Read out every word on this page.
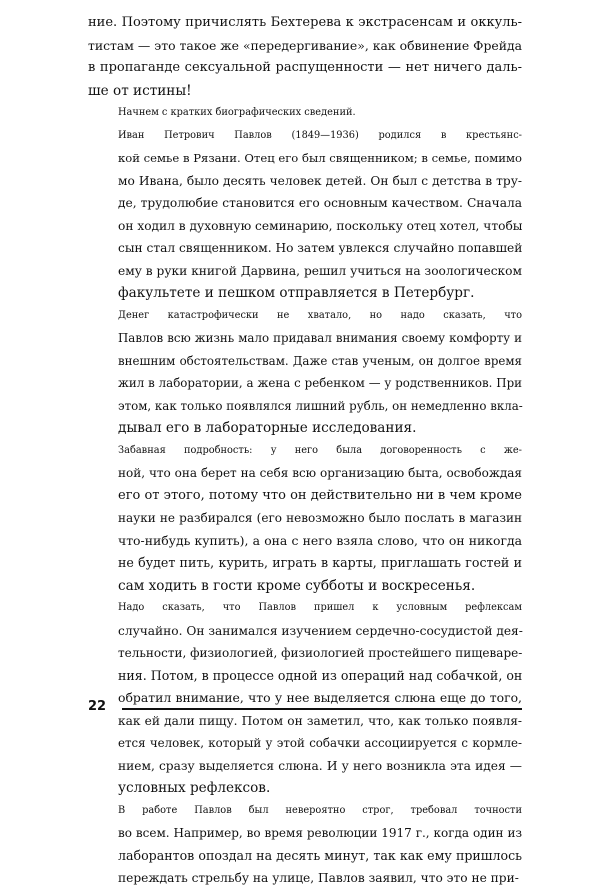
ние. Поэтому причислять Бехтерева к экстрасенсам и оккуль-
тистам — это такое же «передергивание», как обвинение Фрейда
в пропаганде сексуальной распущенности — нет ничего даль-
ше от истины!

Начнем с кратких биографических сведений.

Иван Петрович Павлов (1849—1936) родился в крестьянс-
кой семье в Рязани. Отец его был священником; в семье, помимо
мо Ивана, было десять человек детей. Он был с детства в тру-
де, трудолюбие становится его основным качеством. Сначала
он ходил в духовную семинарию, поскольку отец хотел, чтобы
сын стал священником. Но затем увлекся случайно попавшей
ему в руки книгой Дарвина, решил учиться на зоологическом
факультете и пешком отправляется в Петербург.

Денег катастрофически не хватало, но надо сказать, что
Павлов всю жизнь мало придавал внимания своему комфорту и
внешним обстоятельствам. Даже став ученым, он долгое время
жил в лаборатории, а жена с ребенком — у родственников. При
этом, как только появлялся лишний рубль, он немедленно вкла-
дывал его в лабораторные исследования.

Забавная подробность: у него была договоренность с же-
ной, что она берет на себя всю организацию быта, освобождая
его от этого, потому что он действительно ни в чем кроме
науки не разбирался (его невозможно было послать в магазин
что-нибудь купить), а она с него взяла слово, что он никогда
не будет пить, курить, играть в карты, приглашать гостей и
сам ходить в гости кроме субботы и воскресенья.

Надо сказать, что Павлов пришел к условным рефлексам
случайно. Он занимался изучением сердечно-сосудистой дея-
тельности, физиологией, физиологией простейшего пищеваре-
ния. Потом, в процессе одной из операций над собачкой, он
обратил внимание, что у нее выделяется слюна еще до того,
как ей дали пищу. Потом он заметил, что, как только появля-
ется человек, который у этой собачки ассоциируется с кормле-
нием, сразу выделяется слюна. И у него возникла эта идея —
условных рефлексов.

В работе Павлов был невероятно строг, требовал точности
во всем. Например, во время революции 1917 г., когда один из
лаборантов опоздал на десять минут, так как ему пришлось
переждать стрельбу на улице, Павлов заявил, что это не при-

22
